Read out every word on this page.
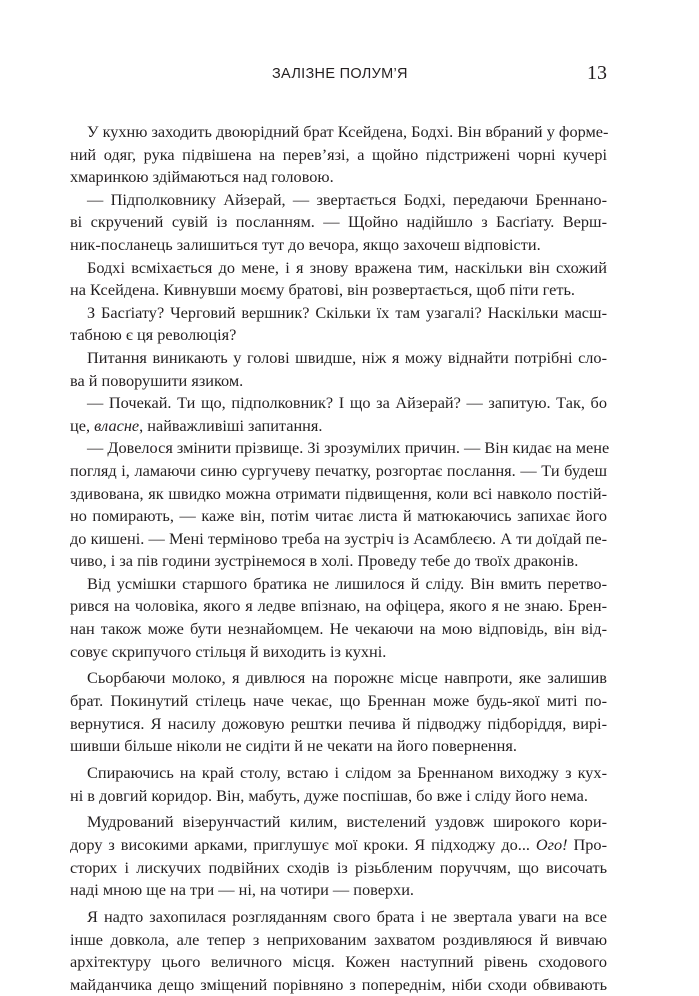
ЗАЛІЗНЕ ПОЛУМ’Я	13
У кухню заходить двоюрідний брат Ксейдена, Бодхі. Він вбраний у форме-
ний одяг, рука підвішена на перев’язі, а щойно підстрижені чорні кучері
хмаринкою здіймаються над головою.
— Підполковнику Айзерай, — звертається Бодхі, передаючи Бреннано-
ві скручений сувій із посланням. — Щойно надійшло з Басґіату. Верш-
ник-посланець залишиться тут до вечора, якщо захочеш відповісти.
Бодхі всміхається до мене, і я знову вражена тим, наскільки він схожий
на Ксейдена. Кивнувши моєму братові, він розвертається, щоб піти геть.
З Басґіату? Черговий вершник? Скільки їх там узагалі? Наскільки масш-
табною є ця революція?
Питання виникають у голові швидше, ніж я можу віднайти потрібні сло-
ва й поворушити язиком.
— Почекай. Ти що, підполковник? І що за Айзерай? — запитую. Так, бо
це, власне, найважливіші запитання.
— Довелося змінити прізвище. Зі зрозумілих причин. — Він кидає на мене
погляд і, ламаючи синю сургучеву печатку, розгортає послання. — Ти будеш
здивована, як швидко можна отримати підвищення, коли всі навколо постій-
но помирають, — каже він, потім читає листа й матюкаючись запихає його
до кишені. — Мені терміново треба на зустріч із Асамблеєю. А ти доїдай пе-
чиво, і за пів години зустрінемося в холі. Проведу тебе до твоїх драконів.
Від усмішки старшого братика не лишилося й сліду. Він вмить перетво-
рився на чоловіка, якого я ледве впізнаю, на офіцера, якого я не знаю. Брен-
нан також може бути незнайомцем. Не чекаючи на мою відповідь, він від-
совує скрипучого стільця й виходить із кухні.
Сьорбаючи молоко, я дивлюся на порожнє місце навпроти, яке залишив
брат. Покинутий стілець наче чекає, що Бреннан може будь-якої миті по-
вернутися. Я насилу дожовую рештки печива й підводжу підборіддя, вирі-
шивши більше ніколи не сидіти й не чекати на його повернення.
Спираючись на край столу, встаю і слідом за Бреннаном виходжу з кух-
ні в довгий коридор. Він, мабуть, дуже поспішав, бо вже і сліду його нема.
Мудрований візерунчастий килим, вистелений уздовж широкого кори-
дору з високими арками, приглушує мої кроки. Я підходжу до... Ого! Про-
сторих і лискучих подвійних сходів із різьбленим поруччям, що височать
наді мною ще на три — ні, на чотири — поверхи.
Я надто захопилася розгляданням свого брата і не звертала уваги на все
інше довкола, але тепер з неприхованим захватом роздивляюся й вивчаю
архітектуру цього величного місця. Кожен наступний рівень сходового
майданчика дещо зміщений порівняно з попереднім, ніби сходи обвивають
